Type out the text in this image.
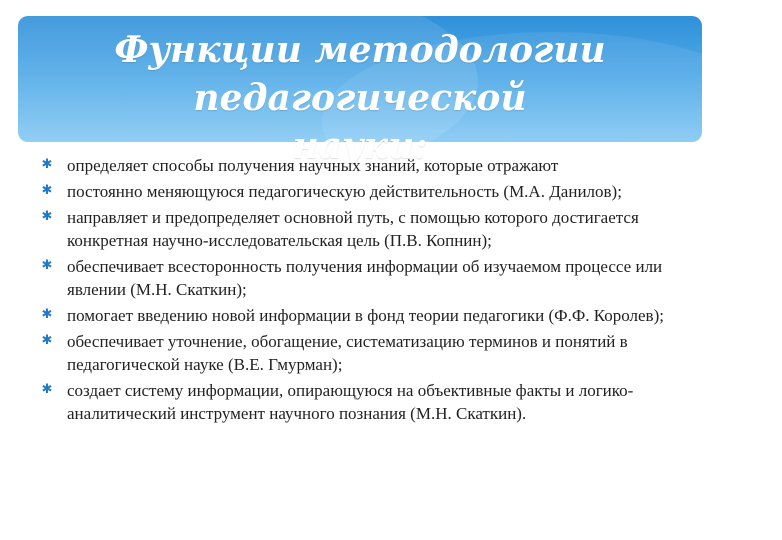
Функции методологии педагогической
науки:
✱ определяет способы получения научных знаний, которые отражают
✱ постоянно меняющуюся педагогическую действительность (М.А. Данилов);
✱ направляет и предопределяет основной путь, с помощью которого достигается конкретная научно-исследовательская цель (П.В. Копнин);
✱ обеспечивает всесторонность получения информации об изучаемом процессе или явлении (М.Н. Скаткин);
✱ помогает введению новой информации в фонд теории педагогики (Ф.Ф. Королев);
✱ обеспечивает уточнение, обогащение, систематизацию терминов и понятий в педагогической науке (В.Е. Гмурман);
✱ создает систему информации, опирающуюся на объективные факты и логико-аналитический инструмент научного познания (М.Н. Скаткин).
